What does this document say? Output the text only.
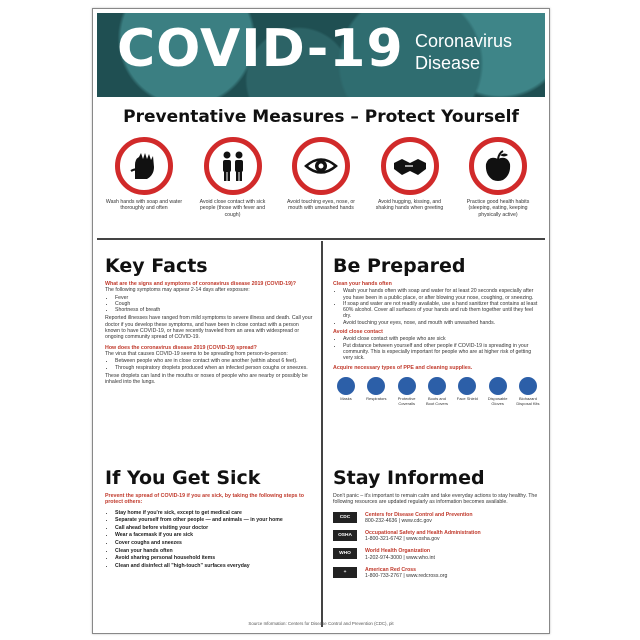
COVID-19 Coronavirus
Disease
Preventative Measures – Protect Yourself
Wash hands with soap and water thoroughly and often
Avoid close contact with sick people (those with fever and cough)
Avoid touching eyes, nose, or mouth with unwashed hands
Avoid hugging, kissing, and shaking hands when greeting
Practice good health habits (sleeping, eating, keeping physically active)
Key Facts
What are the signs and symptoms of coronavirus disease 2019 (COVID-19)?
The following symptoms may appear 2-14 days after exposure:
• Fever
• Cough
• Shortness of breath
Reported illnesses have ranged from mild symptoms to severe illness and death. Call your doctor if you develop these symptoms, and have been in close contact with a person known to have COVID-19, or have recently traveled from an area with widespread or ongoing community spread of COVID-19.
How does the coronavirus disease 2019 (COVID-19) spread?
The virus that causes COVID-19 seems to be spreading from person-to-person:
• Between people who are in close contact with one another (within about 6 feet).
• Through respiratory droplets produced when an infected person coughs or sneezes.
These droplets can land in the mouths or noses of people who are nearby or possibly be inhaled into the lungs.
If You Get Sick
Prevent the spread of COVID-19 if you are sick, by taking the following steps to protect others:
• Stay home if you're sick, except to get medical care
• Separate yourself from other people — and animals — in your home
• Call ahead before visiting your doctor
• Wear a facemask if you are sick
• Cover coughs and sneezes
• Clean your hands often
• Avoid sharing personal household items
• Clean and disinfect all "high-touch" surfaces everyday
Be Prepared
Clean your hands often
• Wash your hands often with soap and water for at least 20 seconds especially after you have been in a public place, or after blowing your nose, coughing, or sneezing.
• If soap and water are not readily available, use a hand sanitizer that contains at least 60% alcohol. Cover all surfaces of your hands and rub them together until they feel dry.
• Avoid touching your eyes, nose, and mouth with unwashed hands.
Avoid close contact
• Avoid close contact with people who are sick
• Put distance between yourself and other people if COVID-19 is spreading in your community. This is especially important for people who are at higher risk of getting very sick.
Acquire necessary types of PPE and cleaning supplies.
Masks	Respirators	Protective Coveralls
Boots and Boot Covers
Face Shield	Disposable Gloves
Biohazard Disposal Kits
Stay Informed
Don't panic – it's important to remain calm and take everyday actions to stay healthy. The following resources are updated regularly as information becomes available.
CDC	Centers for Disease Control and Prevention
800-232-4636 | www.cdc.gov
OSHA	Occupational Safety and Health Administration
1-800-321-6742 | www.osha.gov
WHO	World Health Organization
1-202-974-3000 | www.who.int
+	American Red Cross
1-800-733-2767 | www.redcross.org
Source Information: Centers for Disease Control and Prevention (CDC), pit
